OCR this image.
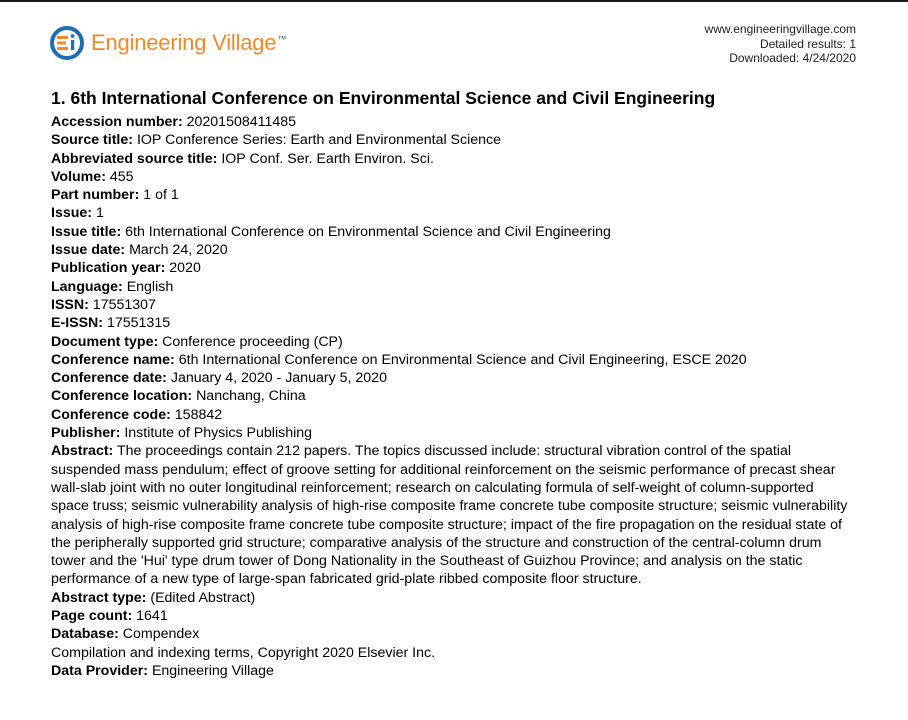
Engineering Village™
www.engineeringvillage.com
Detailed results: 1
Downloaded: 4/24/2020
1. 6th International Conference on Environmental Science and Civil Engineering
Accession number: 20201508411485
Source title: IOP Conference Series: Earth and Environmental Science
Abbreviated source title: IOP Conf. Ser. Earth Environ. Sci.
Volume: 455
Part number: 1 of 1
Issue: 1
Issue title: 6th International Conference on Environmental Science and Civil Engineering
Issue date: March 24, 2020
Publication year: 2020
Language: English
ISSN: 17551307
E-ISSN: 17551315
Document type: Conference proceeding (CP)
Conference name: 6th International Conference on Environmental Science and Civil Engineering, ESCE 2020
Conference date: January 4, 2020 - January 5, 2020
Conference location: Nanchang, China
Conference code: 158842
Publisher: Institute of Physics Publishing
Abstract: The proceedings contain 212 papers. The topics discussed include: structural vibration control of the spatial suspended mass pendulum; effect of groove setting for additional reinforcement on the seismic performance of precast shear wall-slab joint with no outer longitudinal reinforcement; research on calculating formula of self-weight of column-supported space truss; seismic vulnerability analysis of high-rise composite frame concrete tube composite structure; seismic vulnerability analysis of high-rise composite frame concrete tube composite structure; impact of the fire propagation on the residual state of the peripherally supported grid structure; comparative analysis of the structure and construction of the central-column drum tower and the 'Hui' type drum tower of Dong Nationality in the Southeast of Guizhou Province; and analysis on the static performance of a new type of large-span fabricated grid-plate ribbed composite floor structure.
Abstract type: (Edited Abstract)
Page count: 1641
Database: Compendex
Compilation and indexing terms, Copyright 2020 Elsevier Inc.
Data Provider: Engineering Village
